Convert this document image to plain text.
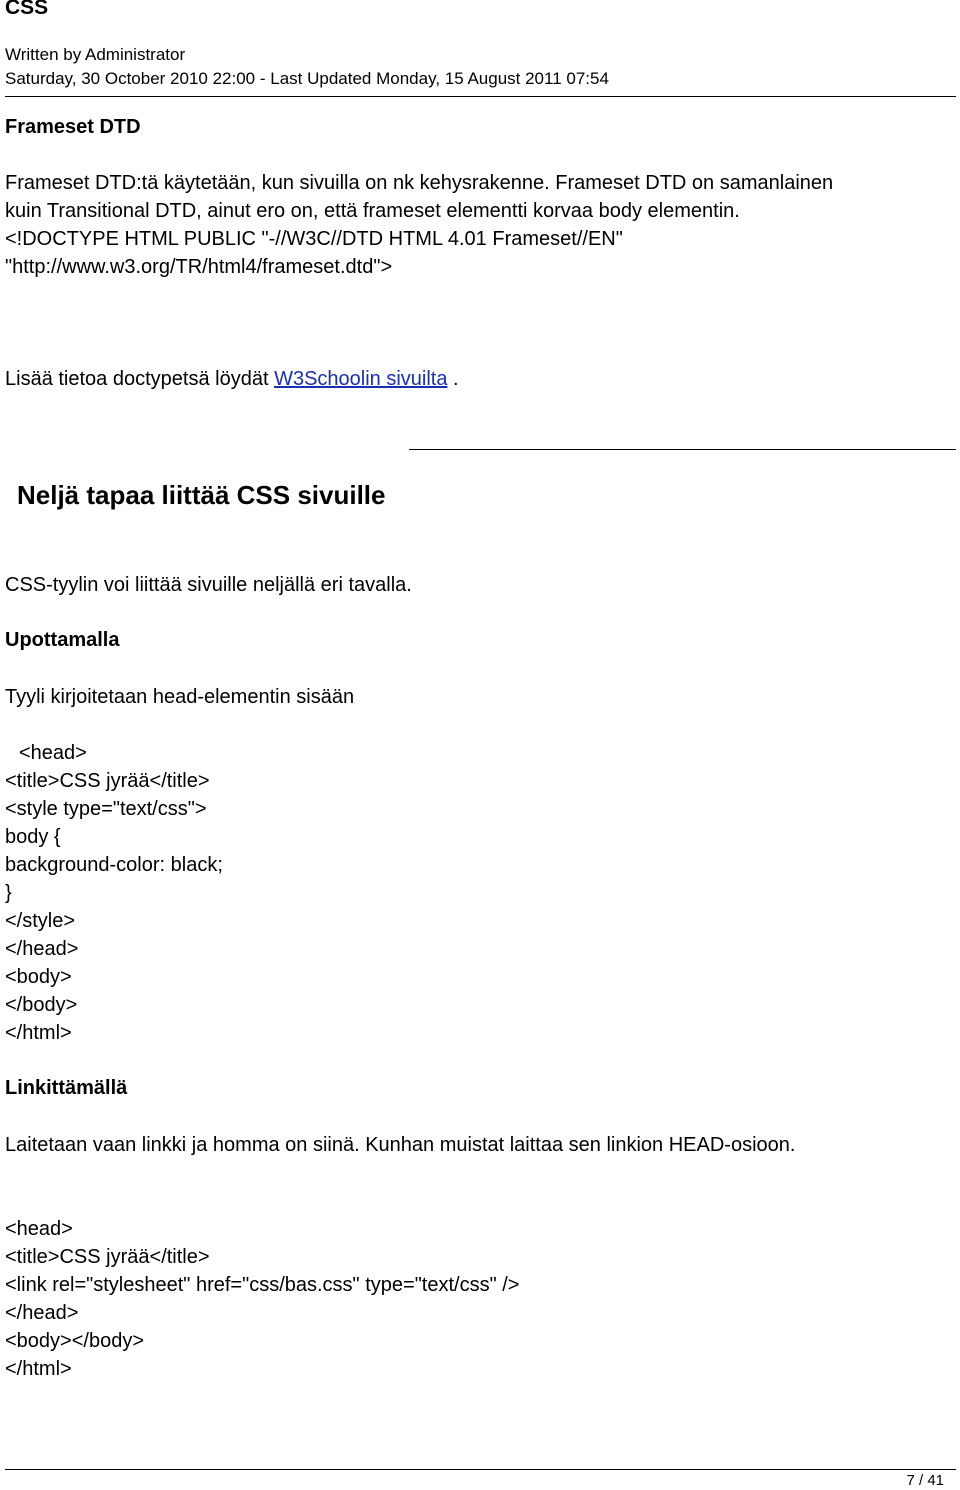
CSS
Written by Administrator
Saturday, 30 October 2010 22:00 - Last Updated Monday, 15 August 2011 07:54
Frameset DTD
Frameset DTD:tä käytetään, kun sivuilla on nk kehysrakenne. Frameset DTD on samanlainen
kuin Transitional DTD, ainut ero on, että frameset elementti korvaa body elementin.
<!DOCTYPE HTML PUBLIC "-//W3C//DTD HTML 4.01 Frameset//EN"
"http://www.w3.org/TR/html4/frameset.dtd">
Lisää tietoa doctypetsä löydät W3Schoolin sivuilta .
Neljä tapaa liittää CSS sivuille
CSS-tyylin voi liittää sivuille neljällä eri tavalla.
Upottamalla
Tyyli kirjoitetaan head-elementin sisään
<head>
<title>CSS jyrää</title>
<style type="text/css">
body {
background-color: black;
}
</style>
</head>
<body>
</body>
</html>
Linkittämällä
Laitetaan vaan linkki ja homma on siinä. Kunhan muistat laittaa sen linkion HEAD-osioon.
<head>
<title>CSS jyrää</title>
<link rel="stylesheet" href="css/bas.css" type="text/css" />
</head>
<body></body>
</html>
7 / 41
